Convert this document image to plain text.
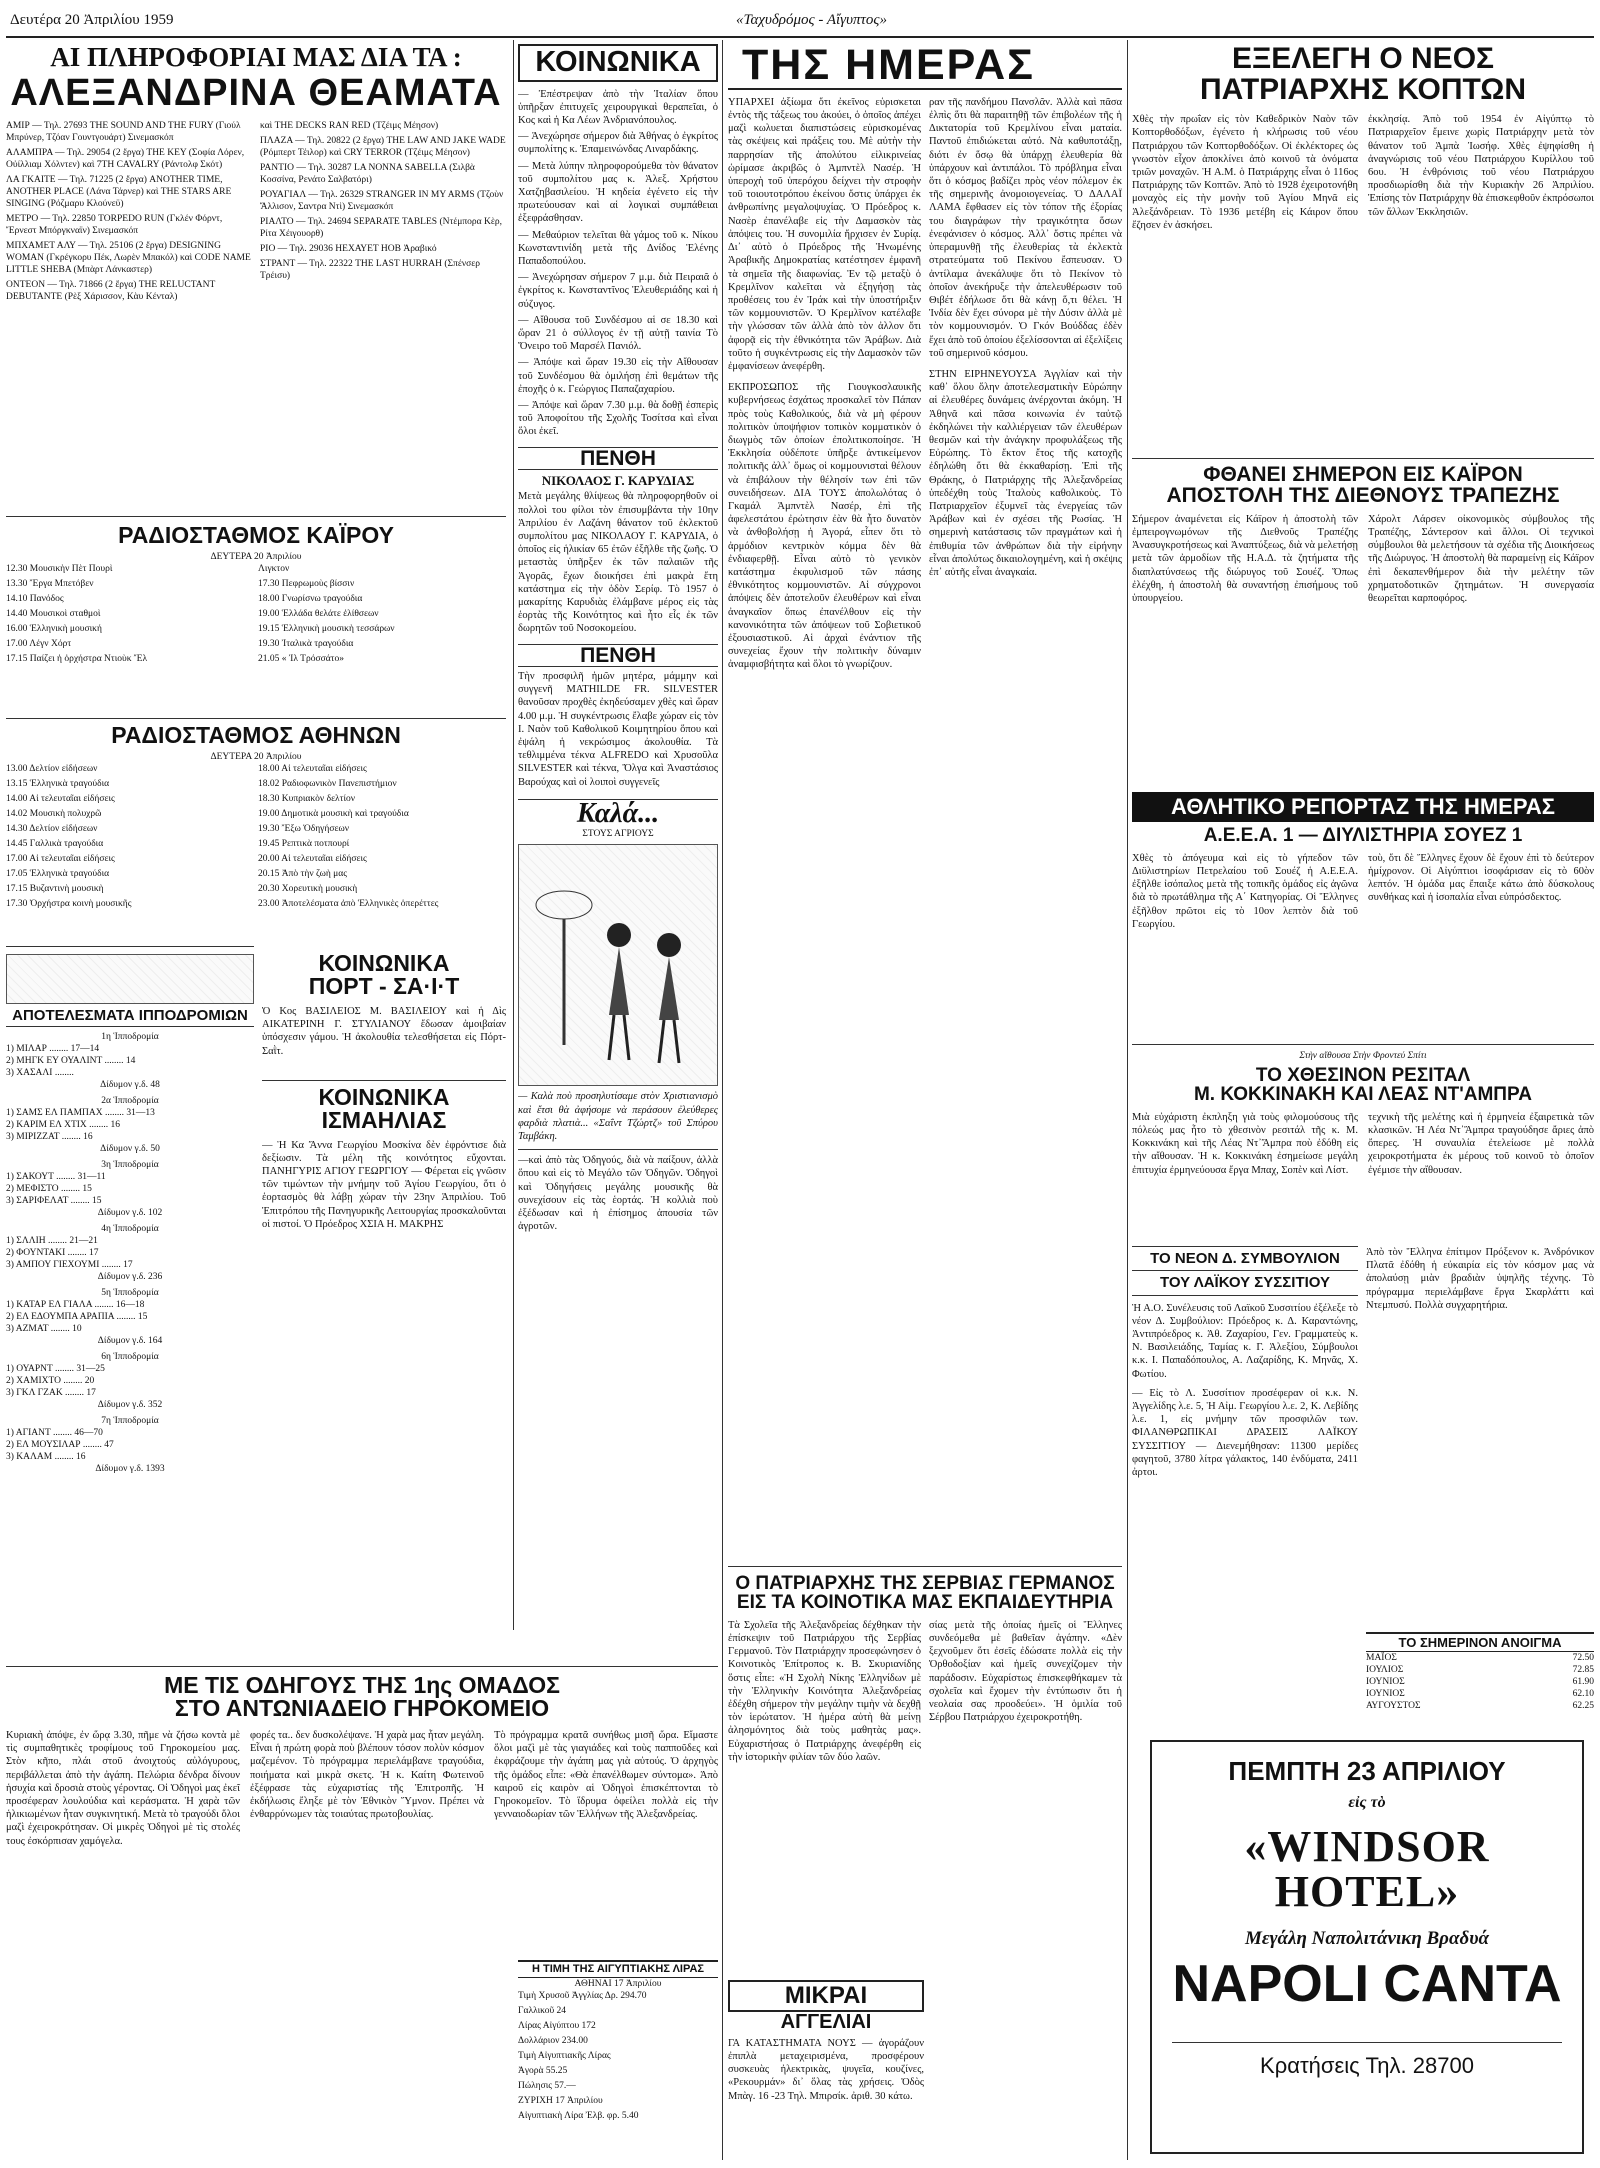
Δευτέρα 20 Ἀπριλίου 1959	«Ταχυδρόμος - Αἴγυπτος»
ΑΙ ΠΛΗΡΟΦΟΡΙΑΙ ΜΑΣ ΔΙΑ ΤΑ :
ΑΛΕΞΑΝΔΡΙΝΑ ΘΕΑΜΑΤΑ
ΑΜΙΡ — Τηλ. 27693 THE SOUND AND THE FURY (Γιούλ Μπρύνερ, Τζόαν Γουντγουάρτ) Σινεμασκόπ
ΑΛΑΜΠΡΑ — Τηλ. 29054 (2 ἔργα) THE KEY (Σοφία Λόρεν, Οὐίλλιαμ Χόλντεν) καὶ 7TH CAVALRY (Ράντολφ Σκότ)
ΛΑ ΓΚΑΙΤΕ — Τηλ. 71225 (2 ἔργα) ANOTHER TIME, ANOTHER PLACE (Λάνα Τάρνερ) καὶ THE STARS ARE SINGING (Ρόζμαρυ Κλούνεϋ)
ΜΕΤΡΟ — Τηλ. 22850 TORPEDO RUN (Γκλέν Φόρντ, Ἔρνεστ Μπόργκναϊν) Σινεμασκόπ
ΜΠΧΑΜΕΤ ΑΛΥ — Τηλ. 25106 (2 ἔργα) DESIGNING WOMAN (Γκρέγκορυ Πέκ, Λωρὲν Μπακόλ) καὶ CODE NAME LITTLE SHEBA (Μπὰρτ Λάνκαστερ)
ΟΝΤΕΟΝ — Τηλ. 71866 (2 ἔργα) THE RELUCTANT DEBUTANTE (Ρὲξ Χάρισσον, Κὰυ Κένταλ)
καὶ THE DECKS RAN RED (Τζέιμς Μέησον)
ΠΛΑΖΑ — Τηλ. 20822 (2 ἔργα) THE LAW AND JAKE WADE (Ρόμπερτ Τέιλορ) καὶ CRY TERROR (Τζέιμς Μέησον)
ΡΑΝΤΙΟ — Τηλ. 30287 LA NONNA SABELLA (Σιλβὰ Κοσσίνα, Ρενάτο Σαλβατόρι)
ΡΟΥΑΓΙΑΛ — Τηλ. 26329 STRANGER IN MY ARMS (Τζοὺν Ἄλλισον, Σαντρα Ντὶ) Σινεμασκόπ
ΡΙΑΛΤΟ — Τηλ. 24694 SEPARATE TABLES (Ντέμπορα Κὲρ, Ρίτα Χέιγουορθ)
ΡΙΟ — Τηλ. 29036 ΗΕΧΑΥΕΤ ΗΟΒ Ἀραβικό
ΣΤΡΑΝΤ — Τηλ. 22322 THE LAST HURRAH (Σπένσερ Τρέισυ)
ΡΑΔΙΟΣΤΑΘΜΟΣ ΚΑΪΡΟΥ
ΔΕΥΤΕΡΑ 20 Ἀπριλίου
12.30 Μουσικὴν Πὲτ Πουρὶ
13.30 Ἔργα Μπετόβεν
14.10 Πανόδος
14.40 Μουσικοὶ σταθμοὶ
16.00 Ἑλληνικὴ μουσική
17.00 Λέγν Χόρτ
17.15 Παίζει ἡ ὀρχήστρα Ντιοὺκ Ἔλ
Λιγκτον
17.30 Πεφρωμοὺς βίσσιν
18.00 Γνωρίσνω τραγούδια
19.00 Ἑλλάδα θελάτε ἐλίθσεων
19.15 Ἑλληνικὴ μουσικὴ τεσσάρων
19.30 Ἰταλικὰ τραγούδια
21.05 « Ἰλ Τρόσσάτο»
ΡΑΔΙΟΣΤΑΘΜΟΣ ΑΘΗΝΩΝ
ΔΕΥΤΕΡΑ 20 Ἀπριλίου
13.00 Δελτίον εἰδήσεων
13.15 Ἑλληνικὰ τραγούδια
14.00 Αἱ τελευταῖαι εἰδήσεις
14.02 Μουσικὴ πολυχρῶ
14.30 Δελτίον εἰδήσεων
14.45 Γαλλικὰ τραγούδια
17.00 Αἱ τελευταῖαι εἰδήσεις
17.05 Ἑλληνικὰ τραγούδια
17.15 Βυζαντινὴ μουσικὴ
17.30 Ὀρχήστρα κοινὴ μουσικῆς
18.00 Αἱ τελευταῖαι εἰδήσεις
18.02 Ραδιοφωνικὸν Πανεπιστήμιον
18.30 Κυπριακὸν δελτίον
19.00 Δημοτικὰ μουσικὴ καὶ τραγούδια
19.30 Ἔξω Ὁδηγήσεων
19.45 Ρεπτικὰ ποτπουρί
20.00 Αἱ τελευταῖαι εἰδήσεις
20.15 Ἀπὸ τὴν ζωὴ μας
20.30 Χορευτικὴ μουσικὴ
23.00 Ἀποτελέσματα ἀπὸ Ἑλληνικὲς ὁπερέττες
ΑΠΟΤΕΛΕΣΜΑΤΑ ΙΠΠΟΔΡΟΜΙΩΝ
1η Ἱπποδρομία
1) ΜΙΛΑΡ ........ 17—14
2) ΜΗΓΚ ΕΥ ΟΥΑΛΙΝΤ ........ 14
3) ΧΑΣΑΛΙ ........
Δίδυμον γ.δ. 48
2α Ἱπποδρομία
1) ΣΑΜΣ ΕΛ ΠΑΜΠΑΧ ........ 31—13
2) ΚΑΡΙΜ ΕΛ ΧΤΙΧ ........ 16
3) ΜΙΡΙΖΖΑΤ ........ 16
Δίδυμον γ.δ. 50
3η Ἱπποδρομία
1) ΣΑΚΟΥΤ ........ 31—11
2) ΜΕΦΙΣΤΟ ........ 15
3) ΣΑΡΙΦΕΛΑΤ ........ 15
Δίδυμον γ.δ. 102
4η Ἱπποδρομία
1) ΣΛΛΙΗ ........ 21—21
2) ΦΟΥΝΤΑΚΙ ........ 17
3) ΑΜΠΟΥ ΓΙΕΧΟΥΜΙ ........ 17
Δίδυμον γ.δ. 236
5η Ἱπποδρομία
1) ΚΑΤΑΡ ΕΛ ΓΙΑΛΑ ........ 16—18
2) ΕΛ ΕΔΟΥΜΠΑ ΑΡΑΠΙΑ ........ 15
3) ΑΖΜΑΤ ........ 10
Δίδυμον γ.δ. 164
6η Ἱπποδρομία
1) ΟΥΑΡΝΤ ........ 31—25
2) ΧΑΜΙΧΤΟ ........ 20
3) ΓΚΛ ΓΖΑΚ ........ 17
Δίδυμον γ.δ. 352
7η Ἱπποδρομία
1) ΑΓΙΑΝΤ ........ 46—70
2) ΕΛ ΜΟΥΣΙΛΑΡ ........ 47
3) ΚΑΛΑΜ ........ 16
Δίδυμον γ.δ. 1393
ΚΟΙΝΩΝΙΚΑ
ΠΟΡΤ - ΣΑ·Ι·Τ
Ὁ Κος ΒΑΣΙΛΕΙΟΣ Μ. ΒΑΣΙΛΕΙΟΥ καὶ ἡ Δὶς ΑΙΚΑΤΕΡΙΝΗ Γ. ΣΤΥΛΙΑΝΟΥ ἔδωσαν ἀμοιβαίαν ὑπόσχεσιν γάμου. Ἡ ἀκολουθία τελεσθήσεται εἰς Πόρτ-Σαῒτ.
ΚΟΙΝΩΝΙΚΑ
ΙΣΜΑΗΛΙΑΣ
— Ἡ Κα Ἄννα Γεωργίου Μοσκίνα δὲν ἐφρόντισε διὰ δεξίωσιν. Τὰ μέλη τῆς κοινότητος εὔχονται. ΠΑΝΗΓΥΡΙΣ ΑΓΙΟΥ ΓΕΩΡΓΙΟΥ — Φέρεται εἰς γνῶσιν τῶν τιμώντων τὴν μνήμην τοῦ Ἁγίου Γεωργίου, ὅτι ὁ ἑορτασμὸς θὰ λάβῃ χώραν τὴν 23ην Ἀπριλίου. Τοῦ Ἐπιτρόπου τῆς Πανηγυρικῆς Λειτουργίας προσκαλοῦνται οἱ πιστοί. Ὁ Πρόεδρος ΧΣΙΑ Η. ΜΑΚΡΗΣ
ΜΕ ΤΙΣ ΟΔΗΓΟΥΣ ΤΗΣ 1ης ΟΜΑΔΟΣ
ΣΤΟ ΑΝΤΩΝΙΑΔΕΙΟ ΓΗΡΟΚΟΜΕΙΟ
Κυριακὴ ἀπόψε, ἐν ὥρᾳ 3.30, πῆμε νὰ ζήσω κοντὰ μὲ τὶς συμπαθητικὲς τροφίμους τοῦ Γηροκομείου μας. Στὸν κῆπο, πλάι στοῦ ἀνοιχτούς αὐλόγυρους, περιβάλλεται ἀπὸ τὴν ἀγάπη. Πελώρια δένδρα δίνουν ἡσυχία καὶ δροσιὰ στοὺς γέροντας. Οἱ Ὁδηγοὶ μας ἐκεῖ προσέφεραν λουλούδια καὶ κεράσματα. Ἡ χαρὰ τῶν ἡλικιωμένων ἦταν συγκινητική. Μετὰ τὸ τραγούδι ὅλοι μαζὶ ἐχειροκρότησαν. Οἱ μικρὲς Ὁδηγοὶ μὲ τὶς στολές τους ἐσκόρπισαν χαμόγελα.
φορές τα.. δεν δυσκολέψανε. Ἡ χαρὰ μας ἦταν μεγάλη. Εἶναι ἡ πρώτη φορὰ ποὺ βλέπουν τόσον πολὺν κόσμον μαζεμένον. Τὸ πρόγραμμα περιελάμβανε τραγούδια, ποιήματα καὶ μικρὰ σκετς. Ἡ κ. Καίτη Φωτεινοῦ ἐξέφρασε τὰς εὐχαριστίας τῆς Ἐπιτροπῆς. Ἡ ἐκδήλωσις ἔληξε μὲ τὸν Ἐθνικὸν Ὕμνον. Πρέπει νὰ ἐνθαρρύνωμεν τὰς τοιαύτας πρωτοβουλίας.
Τὸ πρόγραμμα κρατᾶ συνήθως μισῆ ὥρα. Εἴμαστε ὅλοι μαζὶ μὲ τὰς γιαγιάδες καὶ τοὺς παπποῦδες καὶ ἐκφράζουμε τὴν ἀγάπη μας γιὰ αὐτούς. Ὁ ἀρχηγὸς τῆς ὁμάδος εἶπε: «Θὰ ἐπανέλθωμεν σύντομα». Ἀπὸ καιροῦ εἰς καιρὸν αἱ Ὁδηγοὶ ἐπισκέπτονται τὸ Γηροκομεῖον. Τὸ ἵδρυμα ὀφείλει πολλὰ εἰς τὴν γενναιοδωρίαν τῶν Ἑλλήνων τῆς Ἀλεξανδρείας.
ΚΟΙΝΩΝΙΚΑ
— Ἐπέστρεψαν ἀπὸ τὴν Ἰταλίαν ὅπου ὑπῆρξαν ἐπιτυχεῖς χειρουργικαὶ θεραπεῖαι, ὁ Κος καὶ ἡ Κα Λέων Ἀνδριανόπουλος.
— Ἀνεχώρησε σήμερον διὰ Ἀθήνας ὁ ἐγκρίτος συμπολίτης κ. Ἐπαμεινώνδας Λιναρδάκης.
— Μετὰ λύπην πληροφορούμεθα τὸν θάνατον τοῦ συμπολίτου μας κ. Ἀλεξ. Χρήστου Χατζηβασιλείου. Ἡ κηδεία ἐγένετο εἰς τὴν πρωτεύουσαν καὶ αἱ λογικαὶ συμπάθειαι ἐξεφράσθησαν.
— Μεθαύριον τελεῖται θὰ γάμος τοῦ κ. Νίκου Κωνσταντινίδη μετὰ τῆς Δνίδος Ἑλένης Παπαδοπούλου.
— Ἀνεχώρησαν σήμερον 7 μ.μ. διὰ Πειραιᾶ ὁ ἐγκρίτος κ. Κωνσταντῖνος Ἐλευθεριάδης καὶ ἡ σύζυγος.
— Αἴθουσα τοῦ Συνδέσμου αἱ σε 18.30 καὶ ὥραν 21 ὁ σύλλογος ἐν τῇ αὐτῇ ταινία Τὸ Ὄνειρο τοῦ Μαρσέλ Πανιόλ.
— Ἀπόψε καὶ ὥραν 19.30 εἰς τὴν Αἴθουσαν τοῦ Συνδέσμου θὰ ὁμιλήσῃ ἐπὶ θεμάτων τῆς ἐποχῆς ὁ κ. Γεώργιος Παπαζαχαρίου.
— Ἀπόψε καὶ ὥραν 7.30 μ.μ. θὰ δοθῇ ἐσπερὶς τοῦ Ἀποφοίτου τῆς Σχολῆς Τοσίτσα καὶ εἶναι ὅλοι ἐκεῖ.
ΠΕΝΘΗ
ΝΙΚΟΛΑΟΣ Γ. ΚΑΡΥΔΙΑΣ
Μετὰ μεγάλης θλίψεως θὰ πληροφορηθοῦν οἱ πολλοὶ του φίλοι τὸν ἐπισυμβάντα τὴν 10ην Ἀπριλίου ἐν Λαζάνη θάνατον τοῦ ἐκλεκτοῦ συμπολίτου μας ΝΙΚΟΛΑΟΥ Γ. ΚΑΡΥΔΙΑ, ὁ ὁποῖος εἰς ἡλικίαν 65 ἐτῶν ἐξῆλθε τῆς ζωῆς. Ὁ μεταστὰς ὑπῆρξεν ἐκ τῶν παλαιῶν τῆς Ἀγορᾶς, ἔχων διοικήσει ἐπὶ μακρὰ ἔτη κατάστημα εἰς τὴν ὁδὸν Σερίφ. Τὸ 1957 ὁ μακαρίτης Καρυδιὰς ἐλάμβανε μέρος εἰς τὰς ἑορτὰς τῆς Κοινότητος καὶ ἦτο εἷς ἐκ τῶν δωρητῶν τοῦ Νοσοκομείου.
ΠΕΝΘΗ
Τὴν προσφιλῆ ἡμῶν μητέρα, μάμμην καὶ συγγενῆ MATHILDE FR. SILVESTER θανοῦσαν προχθὲς ἐκηδεύσαμεν χθὲς καὶ ὥραν 4.00 μ.μ. Ἡ συγκέντρωσις ἔλαβε χώραν εἰς τὸν Ι. Ναὸν τοῦ Καθολικοῦ Κοιμητηρίου ὅπου καὶ ἐψάλη ἡ νεκρώσιμος ἀκολουθία. Τὰ τεθλιμμένα τέκνα ALFREDO καὶ Χρυσοῦλα SILVESTER καὶ τέκνα, Ὄλγα καὶ Ἀναστάσιος Βαρούχας καὶ οἱ λοιποὶ συγγενεῖς
Καλά...
ΣΤΟΥΣ ΑΓΡΙΟΥΣ
— Καλὰ ποὺ προσηλυτίσαμε στὸν Χριστιανισμὸ καὶ ἔτσι θὰ ἀφήσομε νὰ περάσουν ἐλεύθερες φαρδιὰ πλατιὰ... «Σαΐντ Τζώρτζ» τοῦ Σπύρου Ταμβάκη.
—καὶ ἀπὸ τὰς Ὁδηγούς, διὰ νὰ παίξουν, ἀλλὰ ὅπου καὶ εἰς τὸ Μεγάλο τῶν Ὁδηγῶν. Ὁδηγοὶ καὶ Ὁδηγήσεις μεγάλης μουσικῆς θὰ συνεχίσουν εἰς τὰς ἑορτάς. Ἡ κολλιὰ ποὺ ἐξέδωσαν καὶ ἡ ἐπίσημος ἀπουσία τῶν ἀγροτῶν.
Η ΤΙΜΗ ΤΗΣ ΑΙΓΥΠΤΙΑΚΗΣ ΛΙΡΑΣ
ΑΘΗΝΑΙ 17 Ἀπριλίου
Τιμὴ Χρυσοῦ Ἀγγλίας Δρ. 294.70
Γαλλικοῦ 24
Λίρας Αἰγύπτου 172
Δολλάριον 234.00
Τιμὴ Αἰγυπτιακῆς Λίρας
Ἀγορὰ 55.25
Πώλησις 57.—
ΖΥΡΙΧΗ 17 Ἀπριλίου
Αἰγυπτιακὴ Λίρα Ἐλβ. φρ. 5.40
ΤΗΣ ΗΜΕΡΑΣ
ΥΠΑΡΧΕΙ ἀξίωμα ὅτι ἐκεῖνος εὑρισκεται ἐντὸς τῆς τάξεως του ἀκούει, ὁ ὁποῖος ἀπέχει μαζὶ κωλυεται διαπιστώσεις εὑρισκομένας τὰς σκέψεις καὶ πράξεις του. Μὲ αὐτὴν τὴν παρρησίαν τῆς ἀπολύτου εἰλικρινείας ὡρίμασε ἀκριβῶς ὁ Ἀμπντὲλ Νασέρ. Ἡ ὑπεροχὴ τοῦ ὑπερόχου δείχνει τὴν στροφὴν τοῦ τοιουτοτρόπου ἐκείνου ὅστις ὑπάρχει ἐκ ἀνθρωπίνης μεγαλοψυχίας. Ὁ Πρόεδρος κ. Νασὲρ ἐπανέλαβε εἰς τὴν Δαμασκὸν τὰς ἀπόψεις του. Ἡ συνομιλία ἤρχισεν ἐν Συρίᾳ. Δι᾽ αὐτὸ ὁ Πρόεδρος τῆς Ἡνωμένης Ἀραβικῆς Δημοκρατίας κατέστησεν ἐμφανῆ τὰ σημεῖα τῆς διαφωνίας. Ἐν τῷ μεταξὺ ὁ Κρεμλῖνον καλεῖται νὰ ἐξηγήσῃ τὰς προθέσεις του ἐν Ἰράκ καὶ τὴν ὑποστήριξιν τῶν κομμουνιστῶν. Ὁ Κρεμλῖνον κατέλαβε τὴν γλώσσαν τῶν ἀλλὰ ἀπὸ τὸν ἀλλον ὅτι ἀφορᾷ εἰς τὴν ἐθνικότητα τῶν Ἀράβων. Διὰ τοῦτο ἡ συγκέντρωσις εἰς τὴν Δαμασκὸν τῶν ἐμφανίσεων ἀνεφέρθη.
ΕΚΠΡΟΣΩΠΟΣ τῆς Γιουγκοσλαυικῆς κυβερνήσεως ἐσχάτως προσκαλεῖ τὸν Πάπαν πρὸς τοὺς Καθολικούς, διὰ νὰ μὴ φέρουν πολιτικὸν ὑποψήφιον τοπικὸν κομματικὸν ὁ διωγμὸς τῶν ὁποίων ἐπολιτικοποίησε. Ἡ Ἐκκλησία οὐδέποτε ὑπῆρξε ἀντικείμενον πολιτικῆς ἀλλ᾽ ὅμως οἱ κομμουνισταὶ θέλουν νὰ ἐπιβάλουν τὴν θέλησίν των ἐπὶ τῶν συνειδήσεων. ΔΙΑ ΤΟΥΣ ἀπολωλότας ὁ Γκαμάλ Ἀμπντὲλ Νασέρ, ἐπὶ τῆς ἀφελεστάτου ἐρώτησιν ἐὰν θὰ ἦτο δυνατὸν νὰ ἀνθοβολήσῃ ἡ Ἀγορά, εἶπεν ὅτι τὸ ἀρμόδιον κεντρικὸν κόμμα δὲν θὰ ἐνδιαφερθῇ. Εἶναι αὐτὸ τὸ γενικὸν κατάστημα ἐκφυλισμοῦ τῶν πάσης ἐθνικότητος κομμουνιστῶν. Αἱ σύγχρονοι ἀπόψεις δὲν ἀποτελοῦν ἐλευθέρων καὶ εἶναι ἀναγκαῖον ὅπως ἐπανέλθουν εἰς τὴν κανονικότητα τῶν ἀπόψεων τοῦ Σοβιετικοῦ ἐξουσιαστικοῦ. Αἱ ἀρχαὶ ἐνάντιον τῆς συνεχείας ἔχουν τὴν πολιτικὴν δύναμιν ἀναμφισβήτητα καὶ ὅλοι τὸ γνωρίζουν.
ραν τῆς πανδήμου Πανσλᾶν. Ἀλλὰ καὶ πᾶσα ἐλπὶς ὅτι θὰ παραιτηθῇ τῶν ἐπιβολέων τῆς ἡ Δικτατορία τοῦ Κρεμλίνου εἶναι ματαία. Παντοῦ ἐπιδιώκεται αὐτό. Νὰ καθυποτάξῃ, διότι ἐν ὅσῳ θὰ ὑπάρχῃ ἐλευθερία θὰ ὑπάρχουν καὶ ἀντιπάλοι. Τὸ πρόβλημα εἶναι ὅτι ὁ κόσμος βαδίζει πρὸς νέον πόλεμον ἐκ τῆς σημερινῆς ἀνομοιογενείας. Ὁ ΔΑΛΑΪ ΛΑΜΑ ἔφθασεν εἰς τὸν τόπον τῆς ἐξορίας του διαγράφων τὴν τραγικότητα ὅσων ἐνεφάνισεν ὁ κόσμος. Ἀλλ᾽ ὅστις πρέπει νὰ ὑπεραμυνθῇ τῆς ἐλευθερίας τὰ ἐκλεκτὰ στρατεύματα τοῦ Πεκίνου ἔσπευσαν. Ὁ ἀντίλαμα ἀνεκάλυψε ὅτι τὸ Πεκίνον τὸ ὁποῖον ἀνεκήρυξε τὴν ἀπελευθέρωσιν τοῦ Θιβέτ ἐδήλωσε ὅτι θὰ κάνῃ ὅ,τι θέλει. Ἡ Ἰνδία δὲν ἔχει σύνορα μὲ τὴν Δύσιν ἀλλὰ μὲ τὸν κομμουνισμόν. Ὁ Γκόν Βούδδας ἐδὲν ἔχει ἀπὸ τοῦ ὁποίου ἐξελίσσονται αἱ ἐξελίξεις τοῦ σημερινοῦ κόσμου.
ΣΤΗΝ ΕΙΡΗΝΕΥΟΥΣΑ Ἀγγλίαν καὶ τὴν καθ᾽ ὅλου ὅλην ἀποτελεσματικὴν Εὐρώπην αἱ ἐλευθέρες δυνάμεις ἀνέρχονται ἀκόμη. Ἡ Ἀθηνᾶ καὶ πᾶσα κοινωνία ἐν ταὐτῷ ἐκδηλώνει τὴν καλλιέργειαν τῶν ἐλευθέρων θεσμῶν καὶ τὴν ἀνάγκην προφυλάξεως τῆς Εὐρώπης. Τὸ ἔκτον ἔτος τῆς κατοχῆς ἐδηλώθη ὅτι θὰ ἐκκαθαρίσῃ. Ἐπὶ τῆς Θράκης, ὁ Πατριάρχης τῆς Ἀλεξανδρείας ὑπεδέχθη τοὺς Ἰταλοὺς καθολικοὺς. Τὸ Πατριαρχεῖον ἐξυμνεῖ τὰς ἐνεργείας τῶν Ἀράβων καὶ ἐν σχέσει τῆς Ρωσίας. Ἡ σημερινὴ κατάστασις τῶν πραγμάτων καὶ ἡ ἐπιθυμία τῶν ἀνθρώπων διὰ τὴν εἰρήνην εἶναι ἀπολύτως δικαιολογημένη, καὶ ἡ σκέψις ἐπ᾽ αὐτῆς εἶναι ἀναγκαία.
Ο ΠΑΤΡΙΑΡΧΗΣ ΤΗΣ ΣΕΡΒΙΑΣ ΓΕΡΜΑΝΟΣ
ΕΙΣ ΤΑ ΚΟΙΝΟΤΙΚΑ ΜΑΣ ΕΚΠΑΙΔΕΥΤΗΡΙΑ
Τὰ Σχολεῖα τῆς Ἀλεξανδρείας δέχθηκαν τὴν ἐπίσκεψιν τοῦ Πατριάρχου τῆς Σερβίας Γερμανοῦ. Τὸν Πατριάρχην προσεφώνησεν ὁ Κοινοτικὸς Ἐπίτροπος κ. Β. Σκυριανίδης ὅστις εἶπε: «Ἡ Σχολὴ Νίκης Ἑλληνίδων μὲ τὴν Ἑλληνικὴν Κοινότητα Ἀλεξανδρείας ἐδέχθη σήμερον τὴν μεγάλην τιμὴν νὰ δεχθῇ τὸν ἱερώτατον. Ἡ ἡμέρα αὐτὴ θὰ μείνῃ ἀλησμόνητος διὰ τοὺς μαθητὰς μας». Εὐχαριστήσας ὁ Πατριάρχης ἀνεφέρθη εἰς τὴν ἱστορικὴν φιλίαν τῶν δύο λαῶν.
σίας μετὰ τῆς ὁποίας ἡμεῖς οἱ Ἕλληνες συνδεόμεθα μὲ βαθεῖαν ἀγάπην. «Δὲν ξεχνοῦμεν ὅτι ἐσεῖς ἐδώσατε πολλὰ εἰς τὴν Ὀρθοδοξίαν καὶ ἡμεῖς συνεχίζομεν τὴν παράδοσιν. Εὐχαρίστως ἐπισκεφθήκαμεν τὰ σχολεῖα καὶ ἔχομεν τὴν ἐντύπωσιν ὅτι ἡ νεολαία σας προοδεύει». Ἡ ὁμιλία τοῦ Σέρβου Πατριάρχου ἐχειροκροτήθη.
ΜΙΚΡΑΙ
ΑΓΓΕΛΙΑΙ
ΓΑ ΚΑΤΑΣΤΗΜΑΤΑ ΝΟΥΣ — ἀγοράζουν ἐπιπλὰ μεταχειρισμένα, προσφέρουν συσκευὰς ἠλεκτρικὰς, ψυγεῖα, κουζίνες, «Ρεκουρμάν» δι᾽ ὅλας τὰς χρήσεις. Ὁδὸς Μπὰγ. 16 -23 Τηλ. Μπιρσίκ. ἀριθ. 30 κάτω.
ΕΞΕΛΕΓΗ Ο ΝΕΟΣ
ΠΑΤΡΙΑΡΧΗΣ ΚΟΠΤΩΝ
Χθὲς τὴν πρωΐαν εἰς τὸν Καθεδρικὸν Ναὸν τῶν Κοπτορθοδόξων, ἐγένετο ἡ κλήρωσις τοῦ νέου Πατριάρχου τῶν Κοπτορθοδόξων. Οἱ ἐκλέκτορες ὡς γνωστὸν εἶχον ἀποκλίνει ἀπὸ κοινοῦ τὰ ὀνόματα τριῶν μοναχῶν. Ἡ Α.Μ. ὁ Πατριάρχης εἶναι ὁ 116ος Πατριάρχης τῶν Κοπτῶν. Ἀπὸ τὸ 1928 ἐχειροτονήθη μοναχὸς εἰς τὴν μονὴν τοῦ Ἁγίου Μηνᾶ εἰς Ἀλεξάνδρειαν. Τὸ 1936 μετέβη εἰς Κάιρον ὅπου ἔζησεν ἐν ἀσκήσει.
ἐκκλησίᾳ. Ἀπὸ τοῦ 1954 ἐν Αἰγύπτῳ τὸ Πατριαρχεῖον ἔμεινε χωρὶς Πατριάρχην μετὰ τὸν θάνατον τοῦ Ἀμπὰ Ἰωσήφ. Χθὲς ἐψηφίσθη ἡ ἀναγνώρισις τοῦ νέου Πατριάρχου Κυρίλλου τοῦ 6ου. Ἡ ἐνθρόνισις τοῦ νέου Πατριάρχου προσδιωρίσθη διὰ τὴν Κυριακὴν 26 Ἀπριλίου. Ἐπίσης τὸν Πατριάρχην θὰ ἐπισκεφθοῦν ἐκπρόσωποι τῶν ἄλλων Ἐκκλησιῶν.
ΦΘΑΝΕΙ ΣΗΜΕΡΟΝ ΕΙΣ ΚΑΪΡΟΝ
ΑΠΟΣΤΟΛΗ ΤΗΣ ΔΙΕΘΝΟΥΣ ΤΡΑΠΕΖΗΣ
Σήμερον ἀναμένεται εἰς Κάϊρον ἡ ἀποστολὴ τῶν ἐμπειρογνωμόνων τῆς Διεθνοῦς Τραπέζης Ἀνασυγκροτήσεως καὶ Ἀναπτύξεως, διὰ νὰ μελετήσῃ μετὰ τῶν ἀρμοδίων τῆς Η.Α.Δ. τὰ ζητήματα τῆς διαπλατύνσεως τῆς διώρυγος τοῦ Σουέζ. Ὅπως ἐλέχθη, ἡ ἀποστολὴ θὰ συναντήσῃ ἐπισήμους τοῦ ὑπουργείου.
Χάρολτ Λάρσεν οἰκονομικὸς σύμβουλος τῆς Τραπέζης, Σάντερσον καὶ ἄλλοι. Οἱ τεχνικοὶ σύμβουλοι θὰ μελετήσουν τὰ σχέδια τῆς Διοικήσεως τῆς Διώρυγος. Ἡ ἀποστολὴ θὰ παραμείνῃ εἰς Κάϊρον ἐπὶ δεκαπενθήμερον διὰ τὴν μελέτην τῶν χρηματοδοτικῶν ζητημάτων. Ἡ συνεργασία θεωρεῖται καρποφόρος.
ΑΘΛΗΤΙΚΟ ΡΕΠΟΡΤΑΖ ΤΗΣ ΗΜΕΡΑΣ
Α.Ε.Ε.Α. 1 — ΔΙΥΛΙΣΤΗΡΙΑ ΣΟΥΕΖ 1
Χθὲς τὸ ἀπόγευμα καὶ εἰς τὸ γήπεδον τῶν Διϋλιστηρίων Πετρελαίου τοῦ Σουέζ ἡ Α.Ε.Ε.Α. ἐξῆλθε ἰσόπαλος μετὰ τῆς τοπικῆς ὁμάδος εἰς ἀγῶνα διὰ τὸ πρωτάθλημα τῆς Α΄ Κατηγορίας. Οἱ Ἕλληνες ἐξῆλθον πρῶτοι εἰς τὸ 10ον λεπτὸν διὰ τοῦ Γεωργίου.
τοὺ, ὅτι δὲ Ἕλληνες ἔχουν δὲ ἔχουν ἐπὶ τὸ δεύτερον ἡμίχρονον. Οἱ Αἰγύπτιοι ἰσοφάρισαν εἰς τὸ 60ὸν λεπτόν. Ἡ ὁμάδα μας ἔπαιξε κάτω ἀπὸ δύσκολους συνθήκας καὶ ἡ ἰσοπαλία εἶναι εὐπρόσδεκτος.
Στὴν αἴθουσα Στὴν Φροντεύ Σπίτι
ΤΟ ΧΘΕΣΙΝΟΝ ΡΕΣΙΤΑΛ
Μ. ΚΟΚΚΙΝΑΚΗ ΚΑΙ ΛΕΑΣ ΝΤ'ΑΜΠΡΑ
Μιὰ εὐχάριστη ἐκπληξη γιὰ τοὺς φιλομούσους τῆς πόλεώς μας ἦτο τὸ χθεσινὸν ρεσιτάλ τῆς κ. Μ. Κοκκινάκη καὶ τῆς Λέας Ντ᾽Ἄμπρα ποὺ ἐδόθη εἰς τὴν αἴθουσαν. Ἡ κ. Κοκκινάκη ἐσημείωσε μεγάλη ἐπιτυχία ἐρμηνεύουσα ἔργα Μπαχ, Σοπὲν καὶ Λίστ.
τεχνικὴ τῆς μελέτης καὶ ἡ ἐρμηνεία ἐξαιρετικὰ τῶν κλασικῶν. Ἡ Λέα Ντ᾽Ἄμπρα τραγούδησε ἄριες ἀπὸ ὄπερες. Ἡ συναυλία ἐτελείωσε μὲ πολλὰ χειροκροτήματα ἐκ μέρους τοῦ κοινοῦ τὸ ὁποῖον ἐγέμισε τὴν αἴθουσαν.
ΤΟ ΝΕΟΝ Δ. ΣΥΜΒΟΥΛΙΟΝ
ΤΟΥ ΛΑΪΚΟΥ ΣΥΣΣΙΤΙΟΥ
Ἡ Α.Ο. Συνέλευσις τοῦ Λαϊκοῦ Συσσιτίου ἐξέλεξε τὸ νέον Δ. Συμβούλιον: Πρόεδρος κ. Δ. Καραντώνης, Ἀντιπρόεδρος κ. Ἀθ. Ζαχαρίου, Γεν. Γραμματεὺς κ. Ν. Βασιλειάδης, Ταμίας κ. Γ. Ἀλεξίου, Σύμβουλοι κ.κ. Ι. Παπαδόπουλος, Α. Λαζαρίδης, Κ. Μηνᾶς, Χ. Φωτίου.
— Εἰς τὸ Λ. Συσσίτιον προσέφεραν οἱ κ.κ. Ν. Ἀγγελίδης λ.ε. 5, Ἡ Αἰμ. Γεωργίου λ.ε. 2, Κ. Λεβίδης λ.ε. 1, εἰς μνήμην τῶν προσφιλῶν των. ΦΙΛΑΝΘΡΩΠΙΚΑΙ ΔΡΑΣΕΙΣ ΛΑΪΚΟΥ ΣΥΣΣΙΤΙΟΥ — Διενεμήθησαν: 11300 μερίδες φαγητοῦ, 3780 λίτρα γάλακτος, 140 ἐνδύματα, 2411 ἀρτοι.
Ἀπὸ τὸν Ἕλληνα ἐπίτιμον Πρόξενον κ. Ἀνδρόνικον Πλατᾶ ἐδόθη ἡ εὐκαιρία εἰς τὸν κόσμον μας νὰ ἀπολαύσῃ μιὰν βραδιὰν ὑψηλῆς τέχνης. Τὸ πρόγραμμα περιελάμβανε ἔργα Σκαρλάττι καὶ Ντεμπυσύ. Πολλὰ συγχαρητήρια.
ΤΟ ΣΗΜΕΡΙΝΟΝ ΑΝΟΙΓΜΑ
ΜΑΪΟΣ	72.50
ΙΟΥΛΙΟΣ	72.85
ΙΟΥΝΙΟΣ	61.90
ΙΟΥΝΙΟΣ	62.10
ΑΥΓΟΥΣΤΟΣ	62.25
ΠΕΜΠΤΗ 23 ΑΠΡΙΛΙΟΥ
εἰς τὸ
«WINDSOR HOTEL»
Μεγάλη Ναπολιτάνικη Βραδυά
NAPOLI CANTA
Κρατήσεις Τηλ. 28700
